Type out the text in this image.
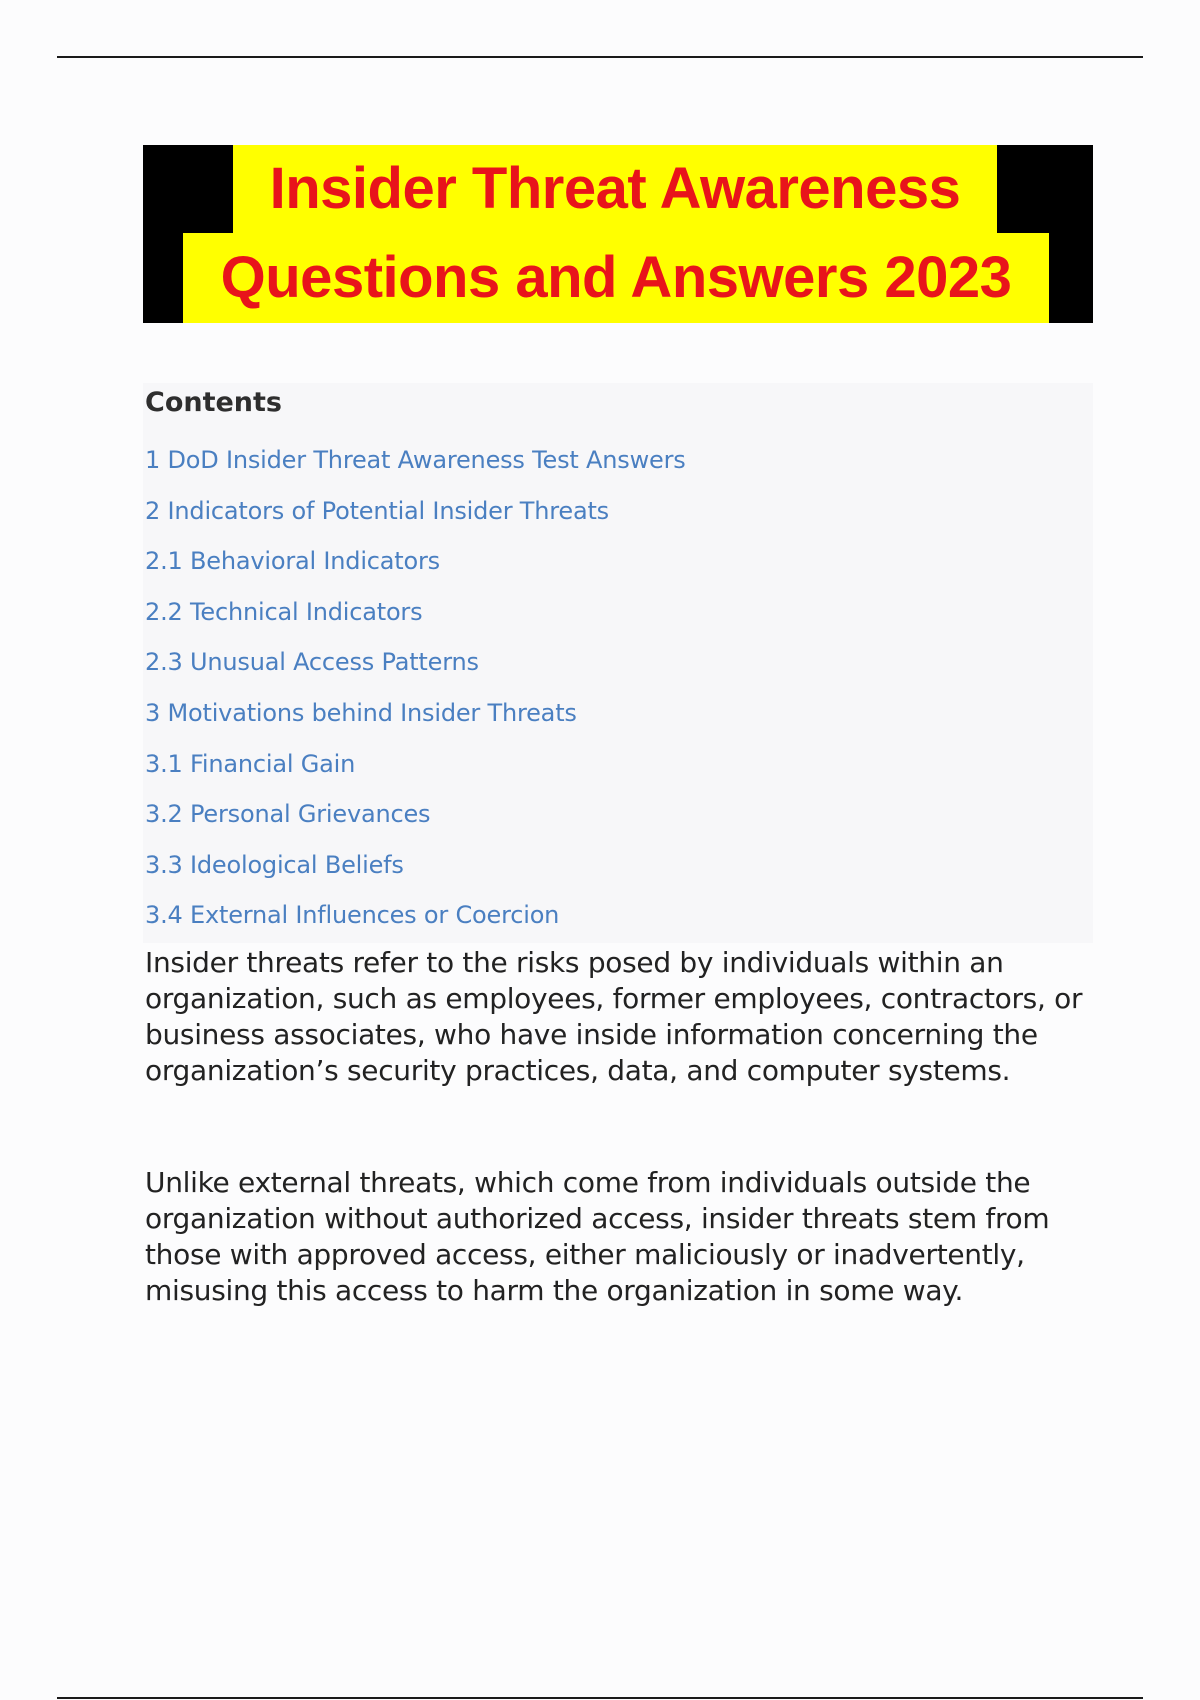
Insider Threat Awareness
Questions and Answers 2023
Contents
1 DoD Insider Threat Awareness Test Answers
2 Indicators of Potential Insider Threats
2.1 Behavioral Indicators
2.2 Technical Indicators
2.3 Unusual Access Patterns
3 Motivations behind Insider Threats
3.1 Financial Gain
3.2 Personal Grievances
3.3 Ideological Beliefs
3.4 External Influences or Coercion

Insider threats refer to the risks posed by individuals within an organization, such as employees, former employees, contractors, or business associates, who have inside information concerning the organization’s security practices, data, and computer systems.

Unlike external threats, which come from individuals outside the organization without authorized access, insider threats stem from those with approved access, either maliciously or inadvertently, misusing this access to harm the organization in some way.
